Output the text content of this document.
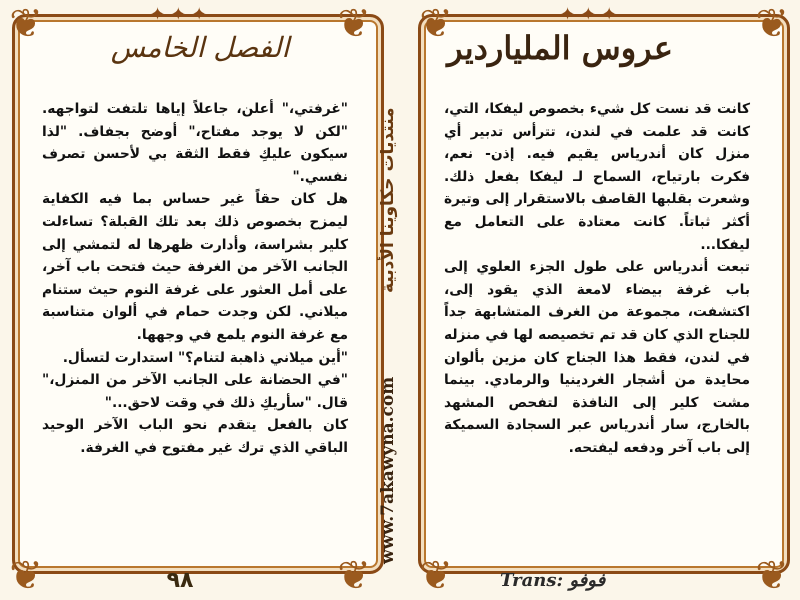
❦	❦
❦	❦
❦	❦
❦	❦
✦ ✦ ✦	✦ ✦ ✦
الفصل الخامس	عروس الملياردير

"غرفتي،" أعلن، جاعلاً إياها تلتفت لتواجهه. "لكن لا يوجد مفتاح،" أوضح بجفاف. "لذا سيكون عليكِ فقط الثقة بي لأحسن تصرف نفسي."

هل كان حقاً غير حساس بما فيه الكفاية ليمزح بخصوص ذلك بعد تلك القبلة؟ تساءلت كلير بشراسة، وأدارت ظهرها له لتمشي إلى الجانب الآخر من الغرفة حيث فتحت باب آخر، على أمل العثور على غرفة النوم حيث ستنام ميلاني. لكن وجدت حمام في ألوان متناسبة مع غرفة النوم يلمع في وجهها.

"أين ميلاني ذاهبة لتنام؟" استدارت لتسأل.

"في الحضانة على الجانب الآخر من المنزل،" قال. "سأريكِ ذلك في وقت لاحق..."

كان بالفعل يتقدم نحو الباب الآخر الوحيد الباقي الذي ترك غير مفتوح في الغرفة.

كانت قد نست كل شيء بخصوص ليفكا، التي، كانت قد علمت في لندن، تترأس تدبير أي منزل كان أندرياس يقيم فيه. إذن- نعم، فكرت بارتياح، السماح لـ ليفكا بفعل ذلك. وشعرت بقلبها القاصف بالاستقرار إلى وتيرة أكثر ثباتاً. كانت معتادة على التعامل مع ليفكا...

تبعت أندرياس على طول الجزء العلوي إلى باب غرفة بيضاء لامعة الذي يقود إلى، اكتشفت، مجموعة من الغرف المتشابهة جداً للجناح الذي كان قد تم تخصيصه لها في منزله في لندن، فقط هذا الجناح كان مزين بألوان محايدة من أشجار الغردينيا والرمادي. بينما مشت كلير إلى النافذة لتفحص المشهد بالخارج، سار أندرياس عبر السجادة السميكة إلى باب آخر ودفعه ليفتحه.

منتديات حكاوينا الأدبية
www.7akawyna.com
٩٨	Trans: فوفو
